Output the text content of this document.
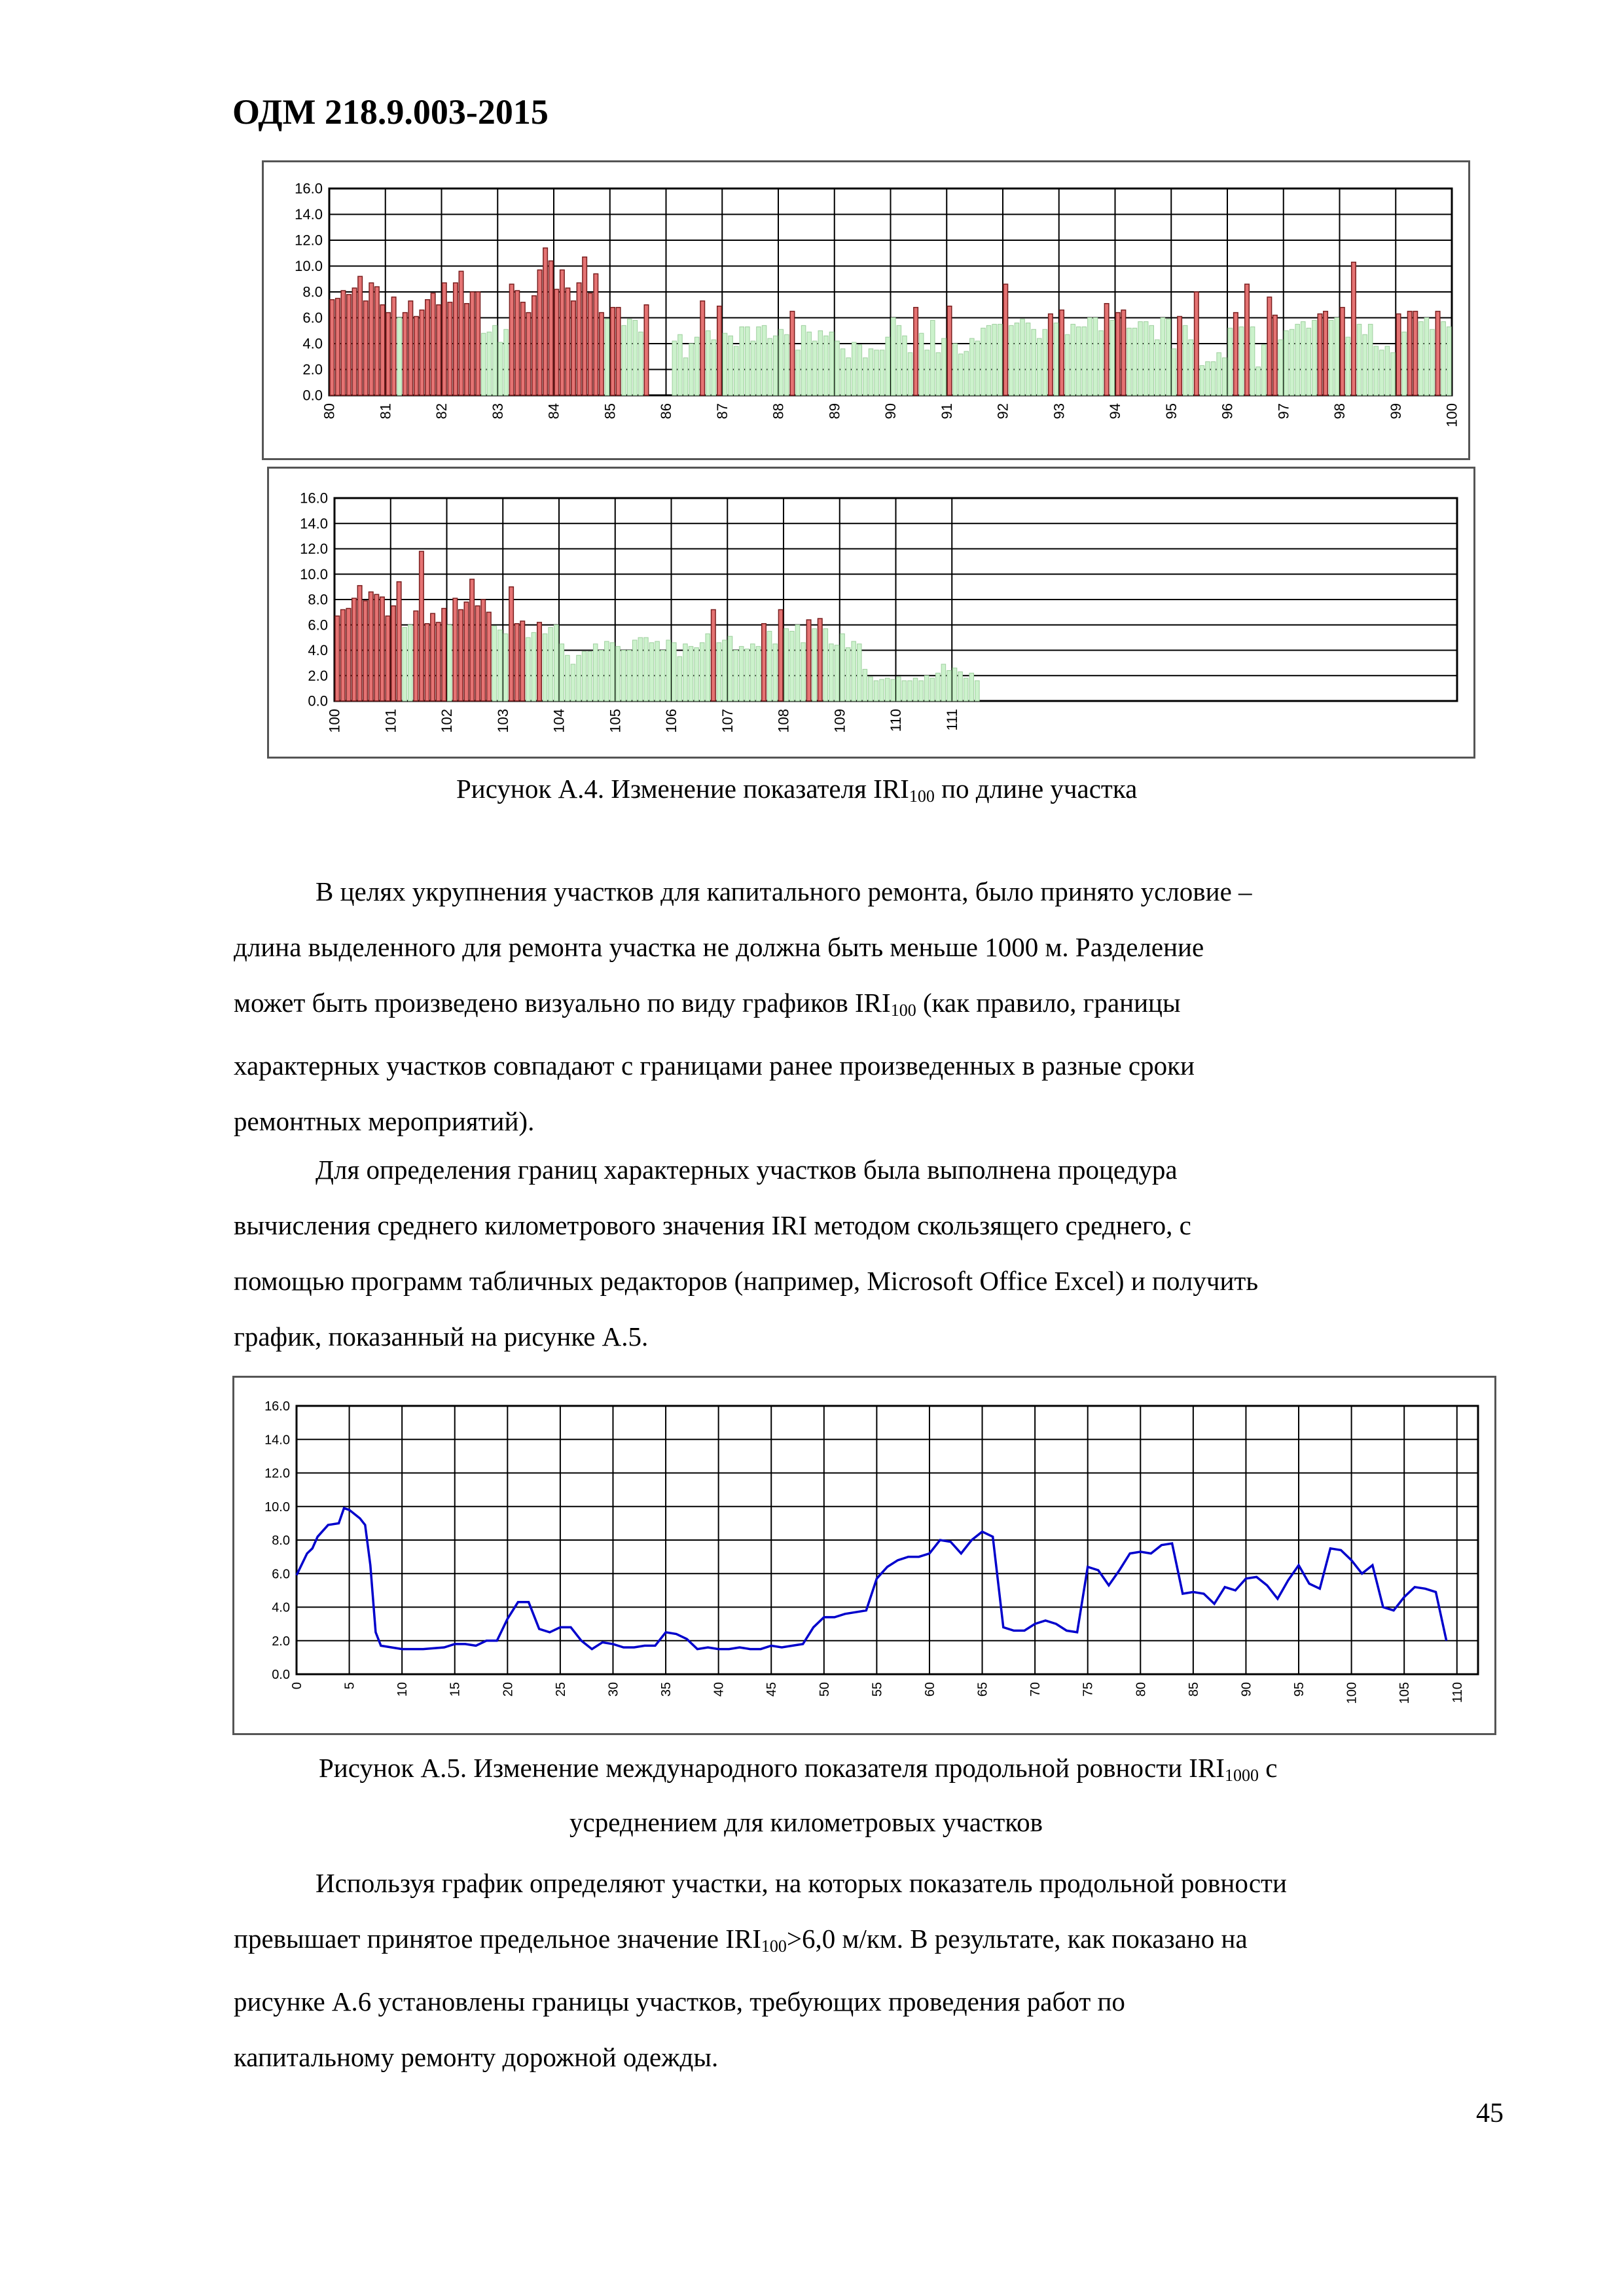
ОДМ 218.9.003-2015
0.0
2.0
4.0
6.0
8.0
10.0
12.0
14.0
16.0
80	81	82	83	84	85	86	87	88	89	90	91	92	93	94	95	96	97	98	99	100
0.0
2.0
4.0
6.0
8.0
10.0
12.0
14.0
16.0
100	101	102	103	104	105	106	107	108	109	110	111
Рисунок А.4. Изменение показателя $IRI_{100}$ по длине участка
В целях укрупнения участков для капитального ремонта, было принято условие –
длина выделенного для ремонта участка не должна быть меньше 1000 м. Разделение
может быть произведено визуально по виду графиков $IRI_{100}$ (как правило, границы
характерных участков совпадают с границами ранее произведенных в разные сроки
ремонтных мероприятий).
Для определения границ характерных участков была выполнена процедура
вычисления среднего километрового значения IRI методом скользящего среднего, с
помощью программ табличных редакторов (например, Microsoft Office Excel) и получить
график, показанный на рисунке А.5.
0.0
2.0
4.0
6.0
8.0
10.0
12.0
14.0
16.0
0	5	10	15	20	25	30	35	40	45	50	55	60	65	70	75	80	85	90	95	100	105	110
Рисунок А.5. Изменение международного показателя продольной ровности $IRI_{1000}$ с
усреднением для километровых участков
Используя график определяют участки, на которых показатель продольной ровности
превышает принятое предельное значение $IRI_{100}>6,0$ м/км. В результате, как показано на
рисунке А.6 установлены границы участков, требующих проведения работ по
капитальному ремонту дорожной одежды.
45
